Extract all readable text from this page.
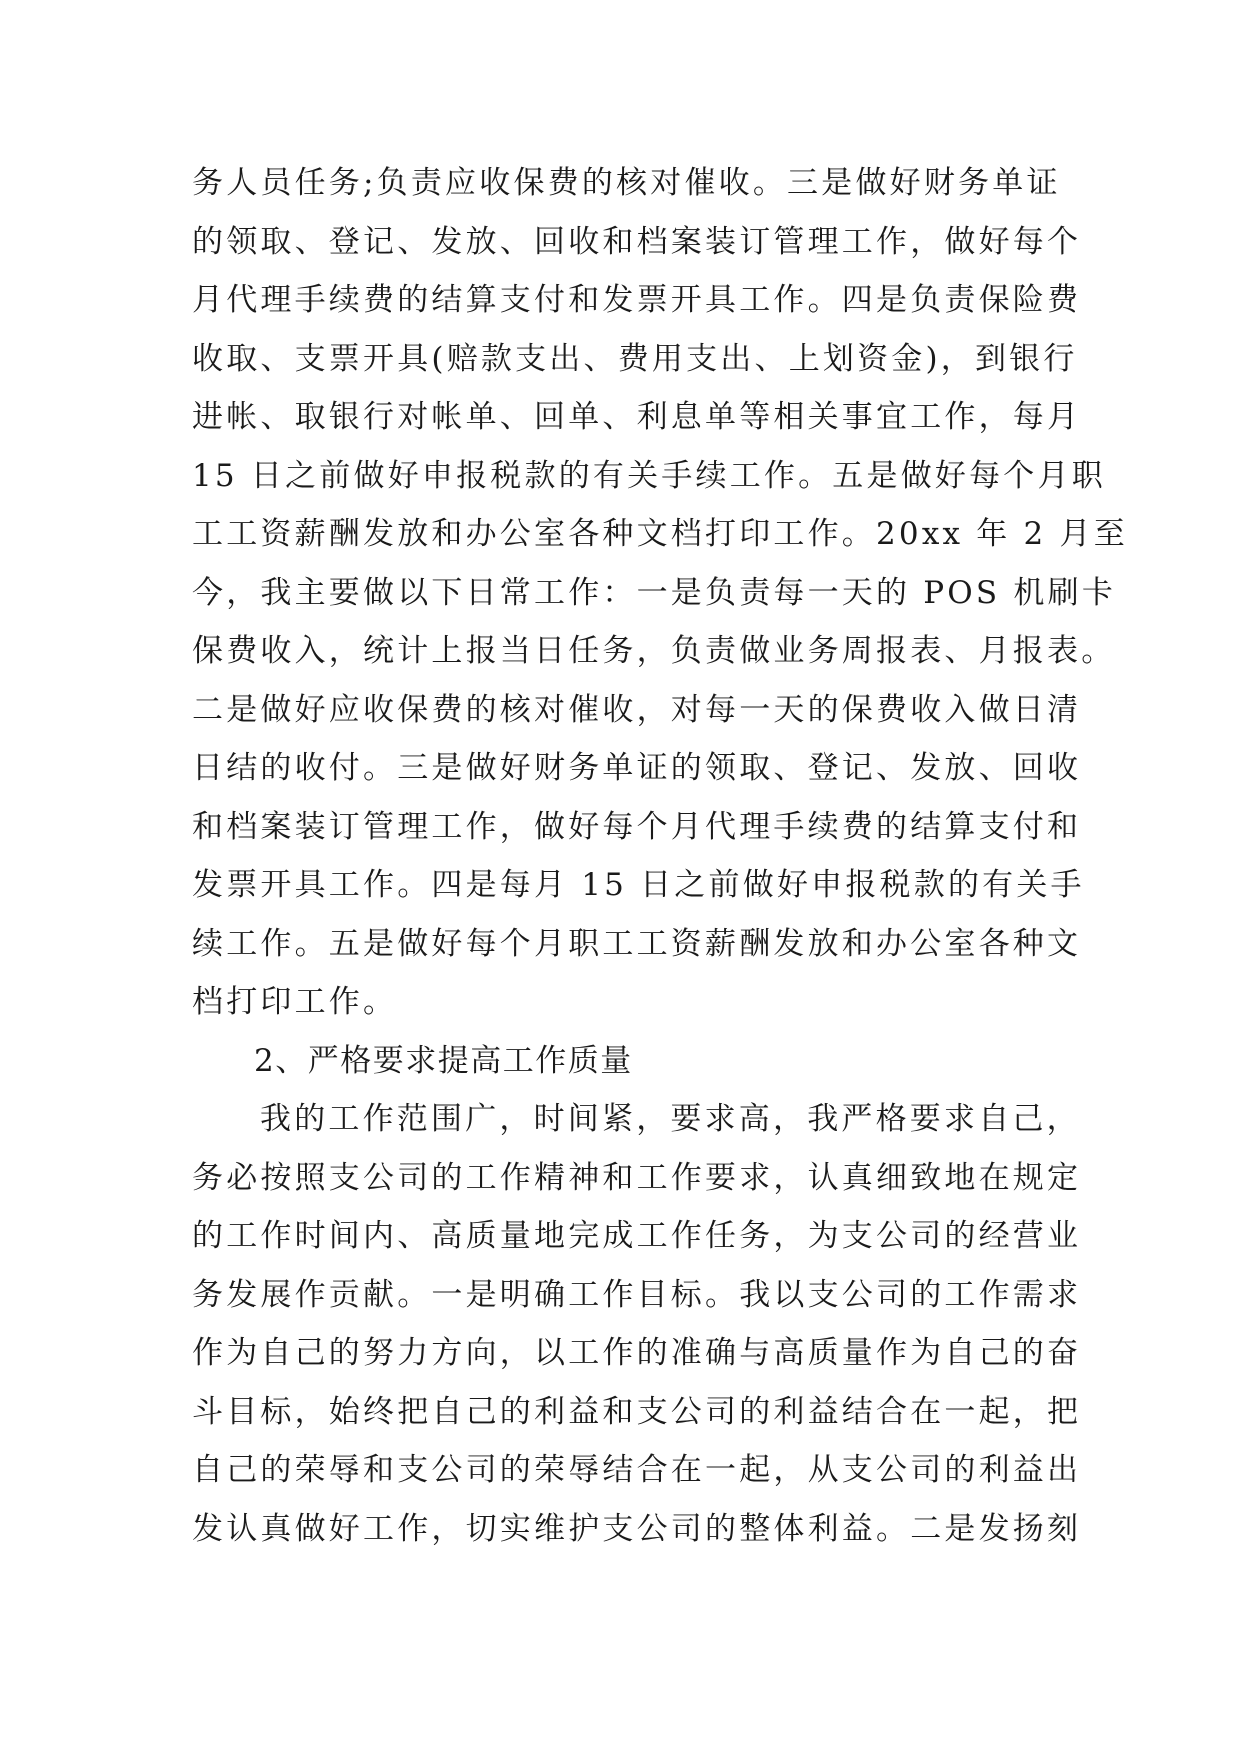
务人员任务;负责应收保费的核对催收。三是做好财务单证
的领取、登记、发放、回收和档案装订管理工作，做好每个
月代理手续费的结算支付和发票开具工作。四是负责保险费
收取、支票开具(赔款支出、费用支出、上划资金)，到银行
进帐、取银行对帐单、回单、利息单等相关事宜工作，每月
15 日之前做好申报税款的有关手续工作。五是做好每个月职
工工资薪酬发放和办公室各种文档打印工作。20xx 年 2 月至
今，我主要做以下日常工作：一是负责每一天的 POS 机刷卡
保费收入，统计上报当日任务，负责做业务周报表、月报表。
二是做好应收保费的核对催收，对每一天的保费收入做日清
日结的收付。三是做好财务单证的领取、登记、发放、回收
和档案装订管理工作，做好每个月代理手续费的结算支付和
发票开具工作。四是每月 15 日之前做好申报税款的有关手
续工作。五是做好每个月职工工资薪酬发放和办公室各种文
档打印工作。
2、严格要求提高工作质量
我的工作范围广，时间紧，要求高，我严格要求自己，
务必按照支公司的工作精神和工作要求，认真细致地在规定
的工作时间内、高质量地完成工作任务，为支公司的经营业
务发展作贡献。一是明确工作目标。我以支公司的工作需求
作为自己的努力方向，以工作的准确与高质量作为自己的奋
斗目标，始终把自己的利益和支公司的利益结合在一起，把
自己的荣辱和支公司的荣辱结合在一起，从支公司的利益出
发认真做好工作，切实维护支公司的整体利益。二是发扬刻
